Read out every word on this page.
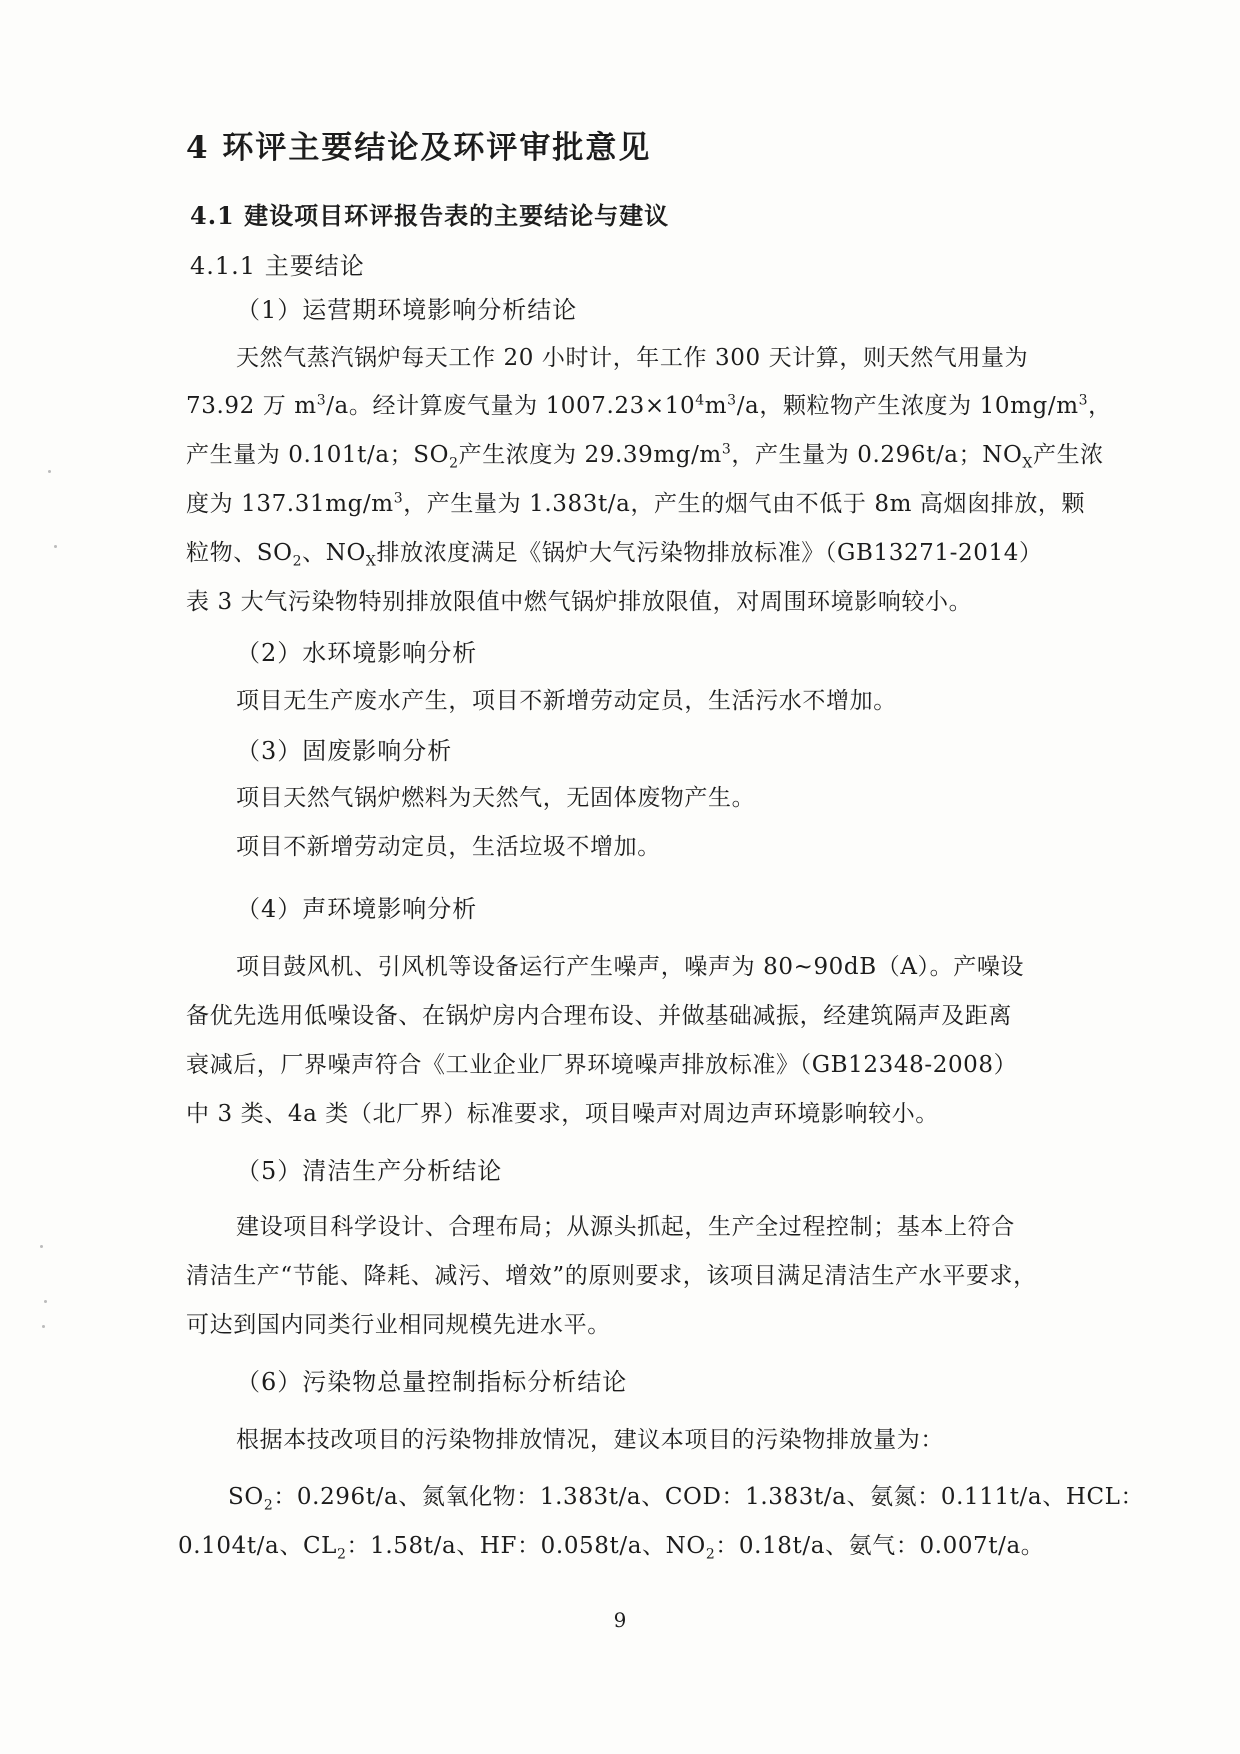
4 环评主要结论及环评审批意见
4.1 建设项目环评报告表的主要结论与建议
4.1.1 主要结论
（1）运营期环境影响分析结论
天然气蒸汽锅炉每天工作 20 小时计，年工作 300 天计算，则天然气用量为
73.92 万 $m^3/a$。经计算废气量为 $1007.23\times 10^4m^3/a$，颗粒物产生浓度为 $10mg/m^3$，
产生量为 0.101t/a；$SO_2$产生浓度为 $29.39mg/m^3$，产生量为 0.296t/a；$NO_X$产生浓
度为 $137.31mg/m^3$，产生量为 1.383t/a，产生的烟气由不低于 8m 高烟囱排放，颗
粒物、$SO_2$、$NO_X$排放浓度满足《锅炉大气污染物排放标准》（GB13271-2014）
表 3 大气污染物特别排放限值中燃气锅炉排放限值，对周围环境影响较小。
（2）水环境影响分析
项目无生产废水产生，项目不新增劳动定员，生活污水不增加。
（3）固废影响分析
项目天然气锅炉燃料为天然气，无固体废物产生。
项目不新增劳动定员，生活垃圾不增加。
（4）声环境影响分析
项目鼓风机、引风机等设备运行产生噪声，噪声为 80~90dB（A）。产噪设
备优先选用低噪设备、在锅炉房内合理布设、并做基础减振，经建筑隔声及距离
衰减后，厂界噪声符合《工业企业厂界环境噪声排放标准》（GB12348-2008）
中 3 类、4a 类（北厂界）标准要求，项目噪声对周边声环境影响较小。
（5）清洁生产分析结论
建设项目科学设计、合理布局；从源头抓起，生产全过程控制；基本上符合
清洁生产“节能、降耗、减污、增效”的原则要求，该项目满足清洁生产水平要求，
可达到国内同类行业相同规模先进水平。
（6）污染物总量控制指标分析结论
根据本技改项目的污染物排放情况，建议本项目的污染物排放量为：
$SO_2$：0.296t/a、氮氧化物：1.383t/a、COD：1.383t/a、氨氮：0.111t/a、HCL：
0.104t/a、$CL_2$：1.58t/a、HF：0.058t/a、$NO_2$：0.18t/a、氨气：0.007t/a。
9
